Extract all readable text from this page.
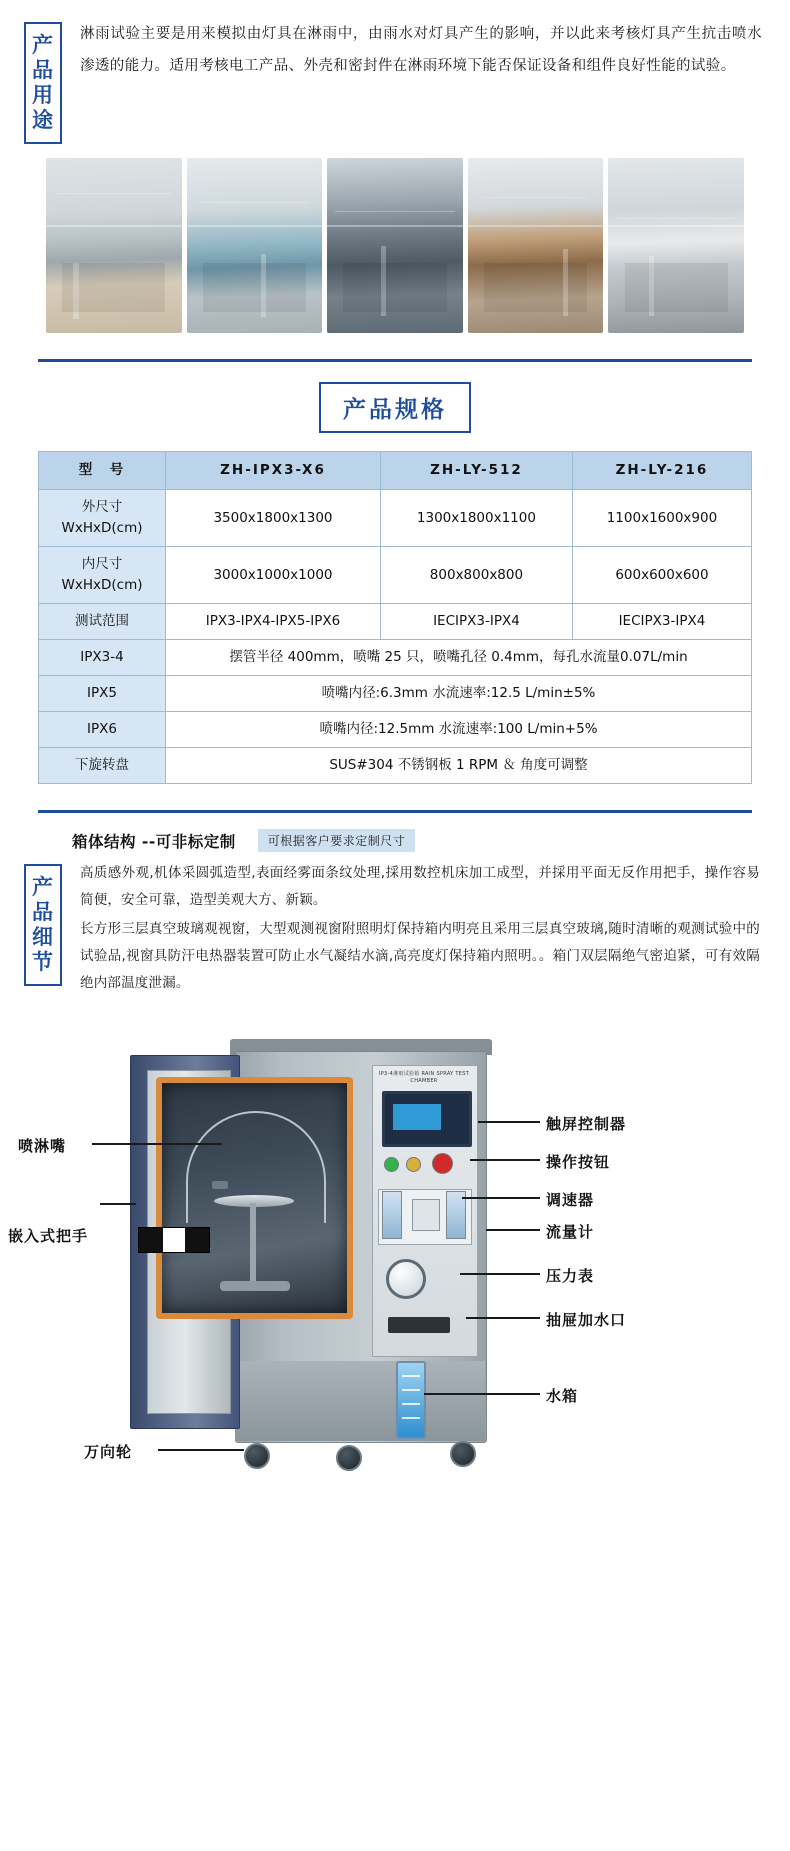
产
品
用
途
淋雨试验主要是用来模拟由灯具在淋雨中，由雨水对灯具产生的影响，并以此来考核灯具产生抗击喷水渗透的能力。适用考核电工产品、外壳和密封件在淋雨环境下能否保证设备和组件良好性能的试验。
产品规格
型　号	ZH-IPX3-X6	ZH-LY-512	ZH-LY-216

外尺寸
WxHxD(cm)	3500x1800x1300	1300x1800x1100	1100x1600x900

内尺寸
WxHxD(cm)	3000x1000x1000	800x800x800	600x600x600
测试范围	IPX3-IPX4-IPX5-IPX6	IECIPX3-IPX4	IECIPX3-IPX4
IPX3-4	摆管半径 400mm，喷嘴 25 只，喷嘴孔径 0.4mm，每孔水流量0.07L/min		
IPX5	喷嘴内径:6.3mm 水流速率:12.5 L/min±5%		
IPX6	喷嘴内径:12.5mm 水流速率:100 L/min+5%		
下旋转盘	SUS#304 不锈钢板 1 RPM ＆ 角度可调整		
箱体结构 --可非标定制	可根据客户要求定制尺寸
产
品
细
节

高质感外观,机体采圆弧造型,表面经雾面条纹处理,採用数控机床加工成型，并採用平面无反作用把手，操作容易简便，安全可靠，造型美观大方、新颖。

长方形三层真空玻璃观视窗，大型观测视窗附照明灯保持箱内明亮且采用三层真空玻璃,随时清晰的观测试验中的试验品,视窗具防汗电热器装置可防止水气凝结水滴,高亮度灯保持箱内照明。。箱门双层隔绝气密迫紧，可有效隔绝内部温度泄漏。

IP3-4淋雨试验箱 RAIN SPRAY TEST CHAMBER
喷淋嘴
嵌入式把手
万向轮
触屏控制器
操作按钮
调速器
流量计
压力表
抽屉加水口
水箱
